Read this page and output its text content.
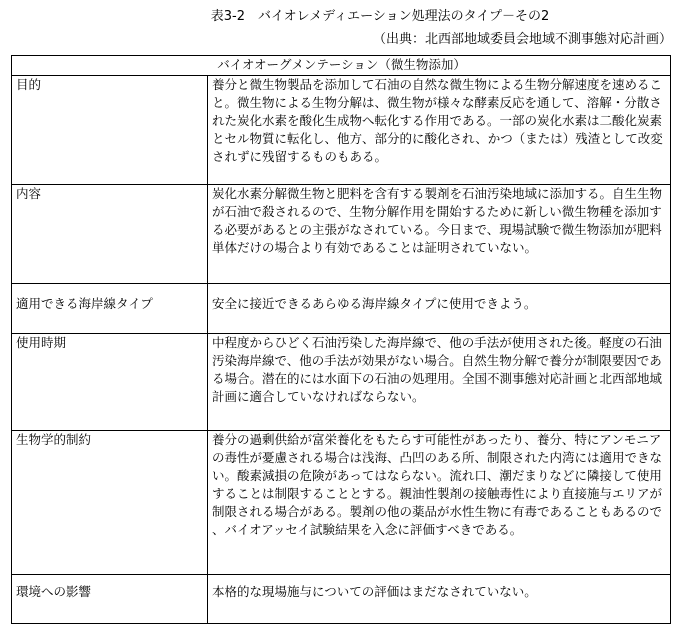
表3-2　バイオレメディエーション処理法のタイプ－その2
（出典：北西部地域委員会地域不測事態対応計画）
バイオオーグメンテーション（微生物添加）	
目的	養分と微生物製品を添加して石油の自然な微生物による生物分解速度を速めること。微生物による生物分解は、微生物が様々な酵素反応を通して、溶解・分散された炭化水素を酸化生成物へ転化する作用である。一部の炭化水素は二酸化炭素とセル物質に転化し、他方、部分的に酸化され、かつ（または）残渣として改変されずに残留するものもある。
内容	炭化水素分解微生物と肥料を含有する製剤を石油汚染地域に添加する。自生生物が石油で殺されるので、生物分解作用を開始するために新しい微生物種を添加する必要があるとの主張がなされている。今日まで、現場試験で微生物添加が肥料単体だけの場合より有効であることは証明されていない。
適用できる海岸線タイプ	安全に接近できるあらゆる海岸線タイプに使用できよう。
使用時期	中程度からひどく石油汚染した海岸線で、他の手法が使用された後。軽度の石油汚染海岸線で、他の手法が効果がない場合。自然生物分解で養分が制限要因である場合。潜在的には水面下の石油の処理用。全国不測事態対応計画と北西部地域計画に適合していなければならない。
生物学的制約	養分の過剰供給が富栄養化をもたらす可能性があったり、養分、特にアンモニアの毒性が憂慮される場合は浅海、凸凹のある所、制限された内湾には適用できない。酸素減損の危険があってはならない。流れ口、潮だまりなどに隣接して使用することは制限することとする。親油性製剤の接触毒性により直接施与エリアが制限される場合がある。製剤の他の薬品が水性生物に有毒であることもあるので、バイオアッセイ試験結果を入念に評価すべきである。
環境への影響	本格的な現場施与についての評価はまだなされていない。
